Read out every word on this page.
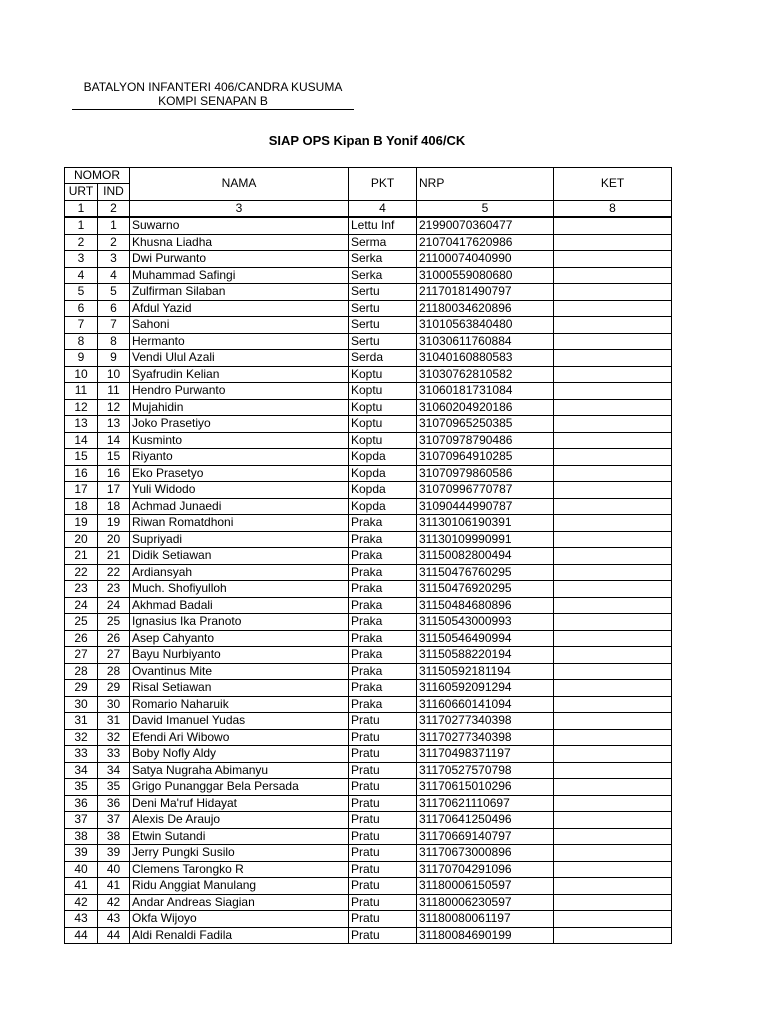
BATALYON INFANTERI 406/CANDRA KUSUMA
KOMPI SENAPAN B
SIAP OPS Kipan B Yonif 406/CK
NOMOR		NAMA	PKT	NRP	KET
URT	IND				
1	2	3	4	5	8
1	1	Suwarno	Lettu Inf	21990070360477	
2	2	Khusna Liadha	Serma	21070417620986	
3	3	Dwi Purwanto	Serka	21100074040990	
4	4	Muhammad Safingi	Serka	31000559080680	
5	5	Zulfirman Silaban	Sertu	21170181490797	
6	6	Afdul Yazid	Sertu	21180034620896	
7	7	Sahoni	Sertu	31010563840480	
8	8	Hermanto	Sertu	31030611760884	
9	9	Vendi Ulul Azali	Serda	31040160880583	
10	10	Syafrudin Kelian	Koptu	31030762810582	
11	11	Hendro Purwanto	Koptu	31060181731084	
12	12	Mujahidin	Koptu	31060204920186	
13	13	Joko Prasetiyo	Koptu	31070965250385	
14	14	Kusminto	Koptu	31070978790486	
15	15	Riyanto	Kopda	31070964910285	
16	16	Eko Prasetyo	Kopda	31070979860586	
17	17	Yuli Widodo	Kopda	31070996770787	
18	18	Achmad Junaedi	Kopda	31090444990787	
19	19	Riwan Romatdhoni	Praka	31130106190391	
20	20	Supriyadi	Praka	31130109990991	
21	21	Didik Setiawan	Praka	31150082800494	
22	22	Ardiansyah	Praka	31150476760295	
23	23	Much. Shofiyulloh	Praka	31150476920295	
24	24	Akhmad Badali	Praka	31150484680896	
25	25	Ignasius Ika Pranoto	Praka	31150543000993	
26	26	Asep Cahyanto	Praka	31150546490994	
27	27	Bayu Nurbiyanto	Praka	31150588220194	
28	28	Ovantinus Mite	Praka	31150592181194	
29	29	Risal Setiawan	Praka	31160592091294	
30	30	Romario Naharuik	Praka	31160660141094	
31	31	David Imanuel Yudas	Pratu	31170277340398	
32	32	Efendi Ari Wibowo	Pratu	31170277340398	
33	33	Boby Nofly Aldy	Pratu	31170498371197	
34	34	Satya Nugraha Abimanyu	Pratu	31170527570798	
35	35	Grigo Punanggar Bela Persada	Pratu	31170615010296	
36	36	Deni Ma'ruf Hidayat	Pratu	31170621110697	
37	37	Alexis De Araujo	Pratu	31170641250496	
38	38	Etwin Sutandi	Pratu	31170669140797	
39	39	Jerry Pungki Susilo	Pratu	31170673000896	
40	40	Clemens Tarongko R	Pratu	31170704291096	
41	41	Ridu Anggiat Manulang	Pratu	31180006150597	
42	42	Andar Andreas Siagian	Pratu	31180006230597	
43	43	Okfa Wijoyo	Pratu	31180080061197	
44	44	Aldi Renaldi Fadila	Pratu	31180084690199	
